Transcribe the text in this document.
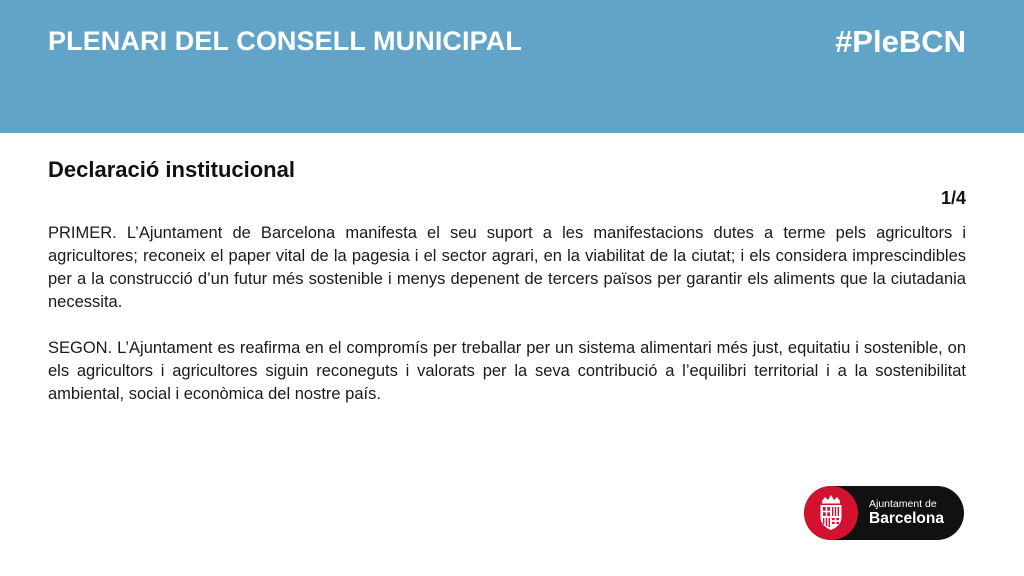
PLENARI DEL CONSELL MUNICIPAL	#PleBCN
Declaració institucional
1/4

PRIMER. L’Ajuntament de Barcelona manifesta el seu suport a les manifestacions dutes a terme pels agricultors i agricultores; reconeix el paper vital de la pagesia i el sector agrari, en la viabilitat de la ciutat; i els considera imprescindibles per a la construcció d’un futur més sostenible i menys depenent de tercers països per garantir els aliments que la ciutadania necessita.

SEGON. L’Ajuntament es reafirma en el compromís per treballar per un sistema alimentari més just, equitatiu i sostenible, on els agricultors i agricultores siguin reconeguts i valorats per la seva contribució a l’equilibri territorial i a la sostenibilitat ambiental, social i econòmica del nostre país.

Ajuntament de
Barcelona
